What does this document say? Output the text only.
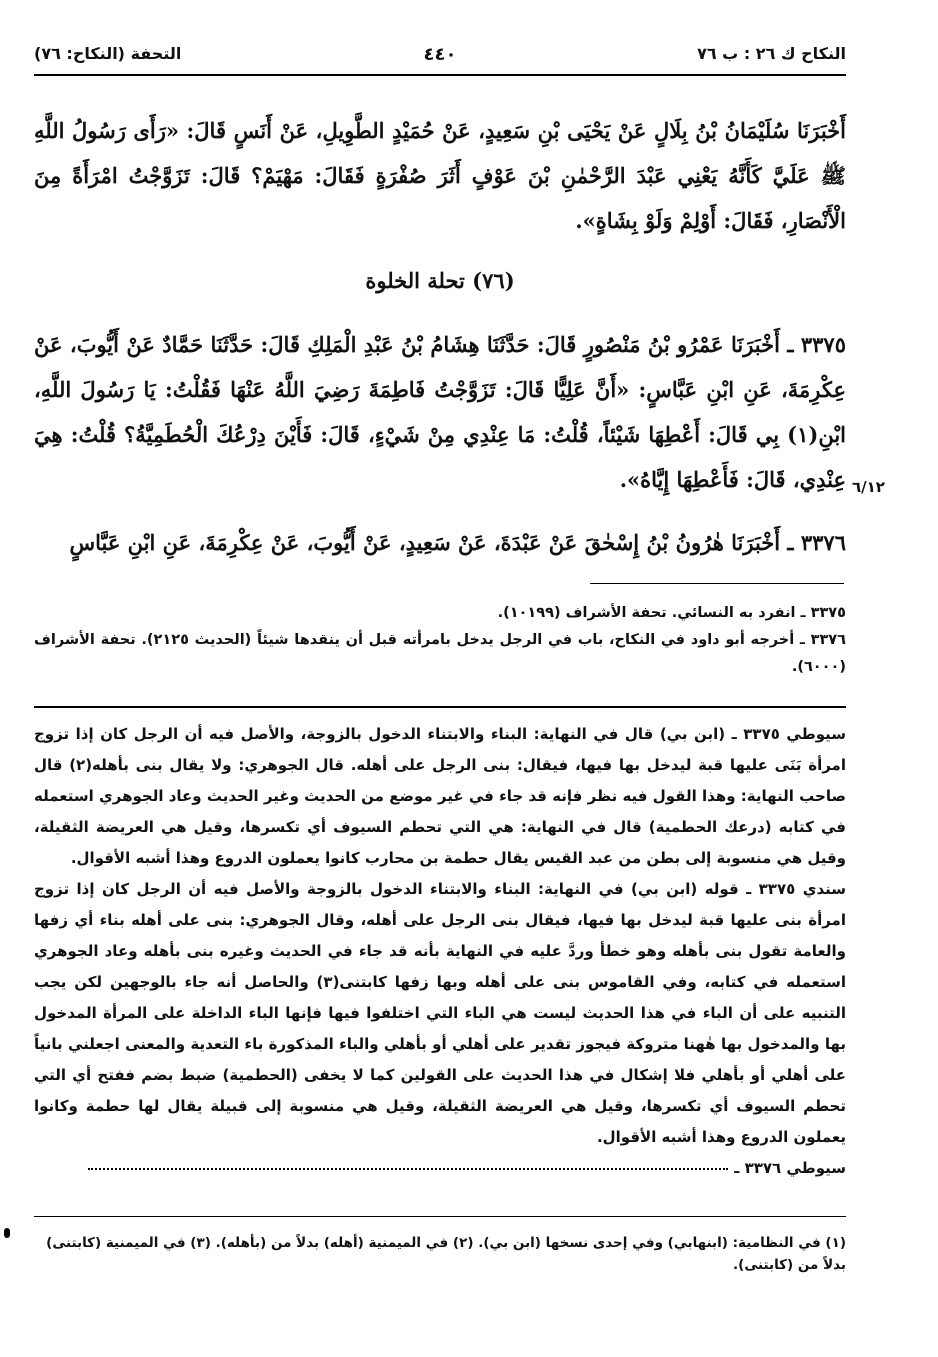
النكاح ك ٢٦ : ب ٧٦
٤٤٠
التحفة (النكاح: ٧٦)
أَخْبَرَنَا سُلَيْمَانُ بْنُ بِلَالٍ عَنْ يَحْيَى بْنِ سَعِيدٍ، عَنْ حُمَيْدٍ الطَّوِيلِ، عَنْ أَنَسٍ قَالَ: «رَأَى رَسُولُ اللَّهِ ﷺ عَلَيَّ كَأَنَّهُ يَعْنِي عَبْدَ الرَّحْمٰنِ بْنَ عَوْفٍ أَثَرَ صُفْرَةٍ فَقَالَ: مَهْيَمْ؟ قَالَ: تَزَوَّجْتُ امْرَأَةً مِنَ الْأَنْصَارِ، فَقَالَ: أَوْلِمْ وَلَوْ بِشَاةٍ».
(٧٦) تحلة الخلوة
٣٣٧٥ ـ أَخْبَرَنَا عَمْرُو بْنُ مَنْصُورٍ قَالَ: حَدَّثَنَا هِشَامُ بْنُ عَبْدِ الْمَلِكِ قَالَ: حَدَّثَنَا حَمَّادٌ عَنْ أَيُّوبَ، عَنْ عِكْرِمَةَ، عَنِ ابْنِ عَبَّاسٍ: «أَنَّ عَلِيًّا قَالَ: تَزَوَّجْتُ فَاطِمَةَ رَضِيَ اللَّهُ عَنْهَا فَقُلْتُ: يَا رَسُولَ اللَّهِ، ابْنِ(١) بِي قَالَ: أَعْطِهَا شَيْئاً، قُلْتُ: مَا عِنْدِي مِنْ شَيْءٍ، قَالَ: فَأَيْنَ دِرْعُكَ الْحُطَمِيَّةُ؟ قُلْتُ: هِيَ عِنْدِي، قَالَ: فَأَعْطِهَا إِيَّاهُ». ٦/١٢
٣٣٧٦ ـ أَخْبَرَنَا هٰرُونُ بْنُ إِسْحٰقَ عَنْ عَبْدَةَ، عَنْ سَعِيدٍ، عَنْ أَيُّوبَ، عَنْ عِكْرِمَةَ، عَنِ ابْنِ عَبَّاسٍ
٣٣٧٥ ـ انفرد به النسائي. تحفة الأشراف (١٠١٩٩).
٣٣٧٦ ـ أخرجه أبو داود في النكاح، باب في الرجل يدخل بامرأته قبل أن ينقدها شيئاً (الحديث ٢١٢٥). تحفة الأشراف (٦٠٠٠).

سيوطي ٣٣٧٥ ـ (ابن بي) قال في النهاية: البناء والابتناء الدخول بالزوجة، والأصل فيه أن الرجل كان إذا تزوج امرأة بَنَى عليها قبة ليدخل بها فيها، فيقال: بنى الرجل على أهله. قال الجوهري: ولا يقال بنى بأهله(٢) قال صاحب النهاية: وهذا القول فيه نظر فإنه قد جاء في غير موضع من الحديث وغير الحديث وعاد الجوهري استعمله في كتابه (درعك الحطمية) قال في النهاية: هي التي تحطم السيوف أي تكسرها، وقيل هي العريضة الثقيلة، وقيل هي منسوبة إلى بطن من عبد القيس يقال حطمة بن محارب كانوا يعملون الدروع وهذا أشبه الأقوال.

سندي ٣٣٧٥ ـ قوله (ابن بي) في النهاية: البناء والابتناء الدخول بالزوجة والأصل فيه أن الرجل كان إذا تزوج امرأة بنى عليها قبة ليدخل بها فيها، فيقال بنى الرجل على أهله، وقال الجوهري: بنى على أهله بناء أي زفها والعامة تقول بنى بأهله وهو خطأ وردَّ عليه في النهاية بأنه قد جاء في الحديث وغيره بنى بأهله وعاد الجوهري استعمله في كتابه، وفي القاموس بنى على أهله وبها زفها كابتنى(٣) والحاصل أنه جاء بالوجهين لكن يجب التنبيه على أن الباء في هذا الحديث ليست هي الباء التي اختلفوا فيها فإنها الباء الداخلة على المرأة المدخول بها والمدخول بها هٰهنا متروكة فيجوز تقدير على أهلي أو بأهلي والباء المذكورة باء التعدية والمعنى اجعلني بانياً على أهلي أو بأهلي فلا إشكال في هذا الحديث على القولين كما لا يخفى (الحطمية) ضبط بضم ففتح أي التي تحطم السيوف أي تكسرها، وقيل هي العريضة الثقيلة، وقيل هي منسوبة إلى قبيلة يقال لها حطمة وكانوا يعملون الدروع وهذا أشبه الأقوال.

سيوطي ٣٣٧٦ ـ

(١) في النظامية: (ابنهابي) وفي إحدى نسخها (ابن بي). (٢) في الميمنية (أهله) بدلاً من (بأهله). (٣) في الميمنية (كابتنى) بدلاً من (كابتنى).
